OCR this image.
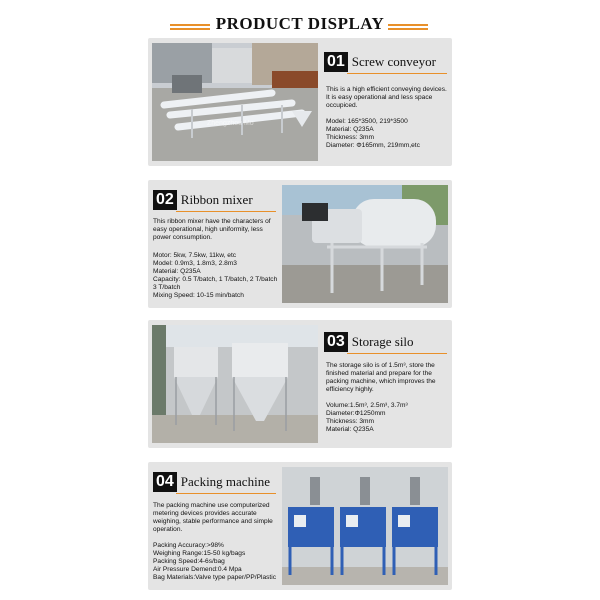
PRODUCT DISPLAY
Zhengzhou Mo
01 Screw conveyor
This is a high efficient conveying devices. It is easy operational and less space occupiced.
Model: 165*3500, 219*3500
Material: Q235A
Thickness: 3mm
Diameter: Φ165mm, 219mm,etc
02 Ribbon mixer
This ribbon mixer have the characters of easy operational, high uniformity, less power consumption.
Motor: 5kw, 7.5kw, 11kw, etc
Model: 0.9m3, 1.8m3, 2.8m3
Material: Q235A
Capacity: 0.5 T/batch, 1 T/batch, 2 T/batch
3 T/batch
Mixing Speed: 10-15 min/batch
03 Storage silo
The storage silo is of 1.5m³, store the finished material and prepare for the packing machine, which improves the efficiency highly.
Volume:1.5m³, 2.5m³, 3.7m³
Diameter:Φ1250mm
Thickness: 3mm
Material: Q235A
04 Packing machine
The packing machine use computerized metering devices provides accurate weighing, stable performance and simple operation.
Packing Accuracy:>98%
Weighing Range:15-50 kg/bags
Packing Speed:4-6s/bag
Air Pressure Demend:0.4 Mpa
Bag Materials:Valve type paper/PP/Plastic
